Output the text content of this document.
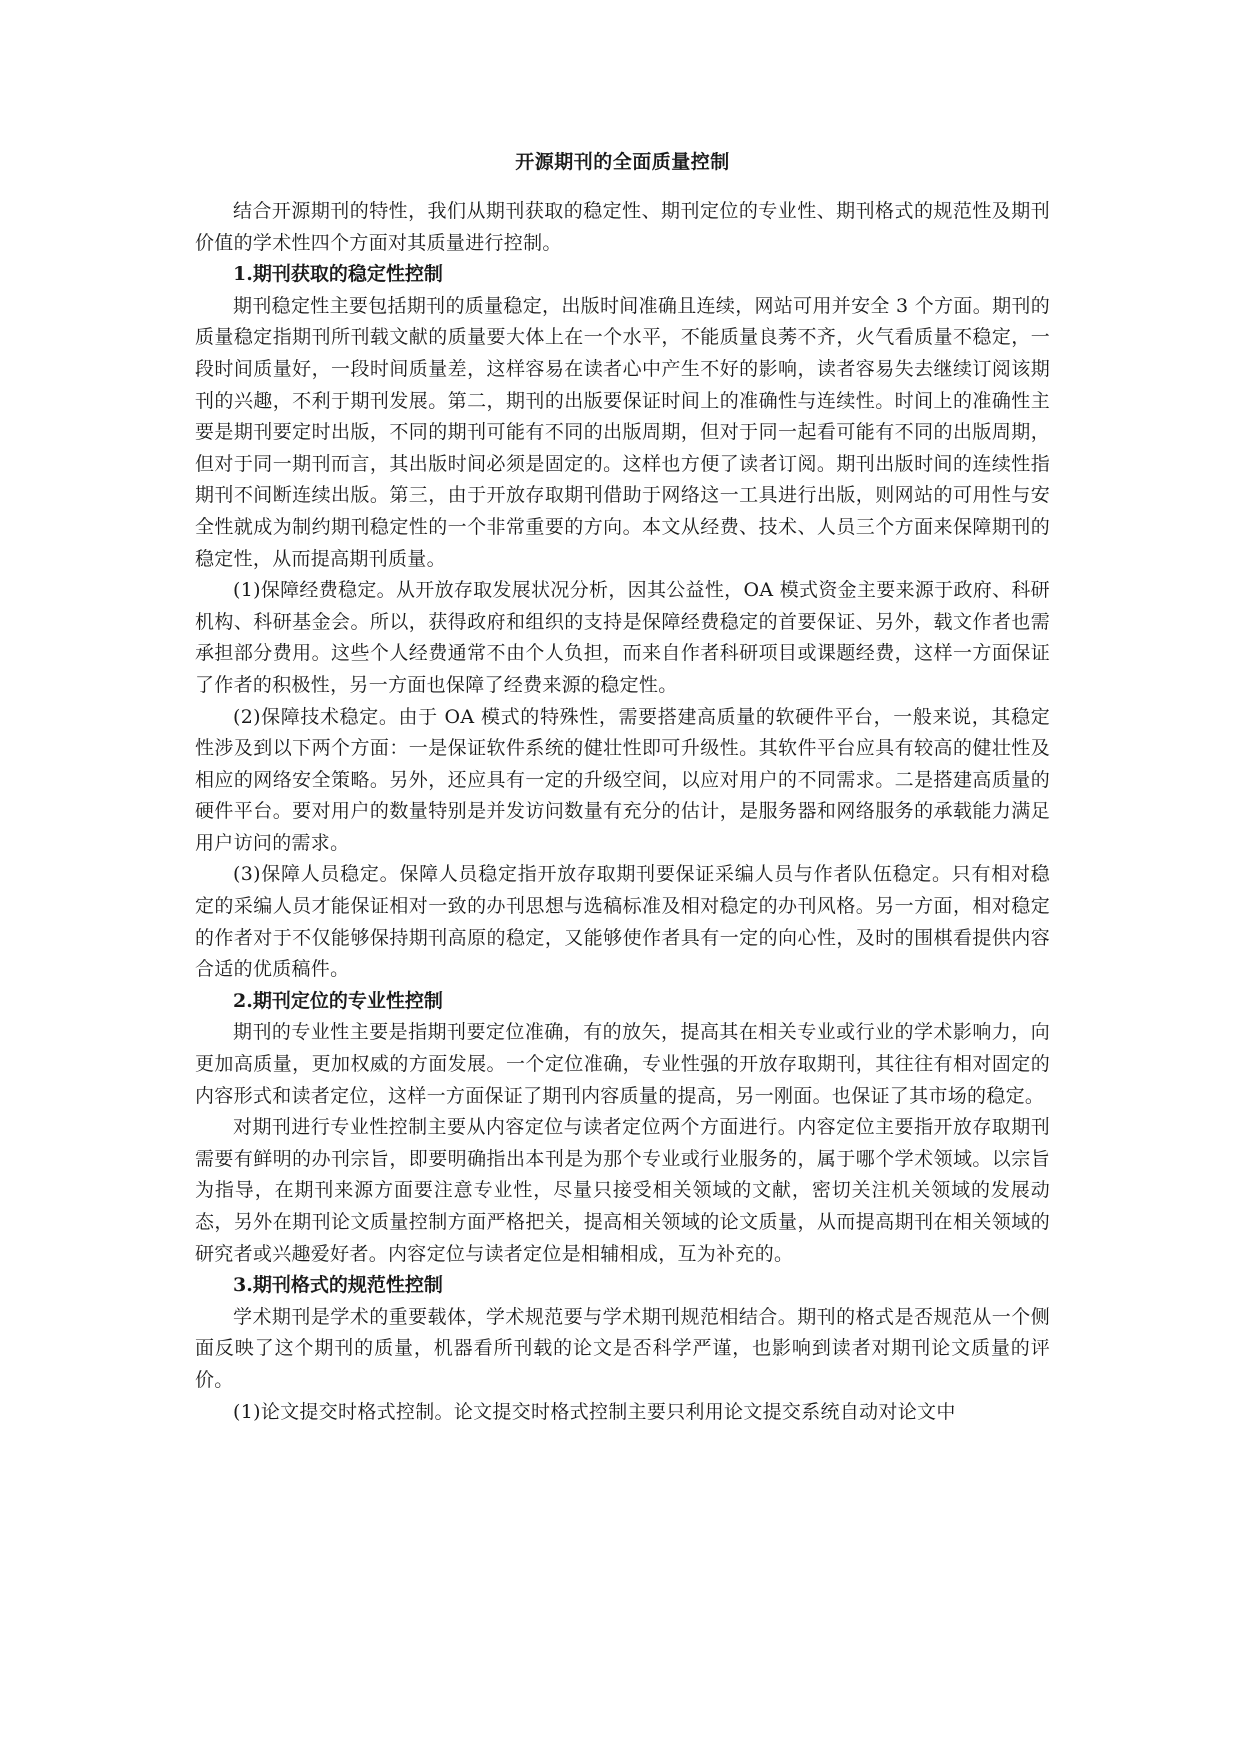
开源期刊的全面质量控制

结合开源期刊的特性，我们从期刊获取的稳定性、期刊定位的专业性、期刊格式的规范性及期刊价值的学术性四个方面对其质量进行控制。

1.期刊获取的稳定性控制

期刊稳定性主要包括期刊的质量稳定，出版时间准确且连续，网站可用并安全 3 个方面。期刊的质量稳定指期刊所刊载文献的质量要大体上在一个水平，不能质量良莠不齐，火气看质量不稳定，一段时间质量好，一段时间质量差，这样容易在读者心中产生不好的影响，读者容易失去继续订阅该期刊的兴趣，不利于期刊发展。第二，期刊的出版要保证时间上的准确性与连续性。时间上的准确性主要是期刊要定时出版，不同的期刊可能有不同的出版周期，但对于同一起看可能有不同的出版周期，但对于同一期刊而言，其出版时间必须是固定的。这样也方便了读者订阅。期刊出版时间的连续性指期刊不间断连续出版。第三，由于开放存取期刊借助于网络这一工具进行出版，则网站的可用性与安全性就成为制约期刊稳定性的一个非常重要的方向。本文从经费、技术、人员三个方面来保障期刊的稳定性，从而提高期刊质量。

(1)保障经费稳定。从开放存取发展状况分析，因其公益性，OA 模式资金主要来源于政府、科研机构、科研基金会。所以，获得政府和组织的支持是保障经费稳定的首要保证、另外，载文作者也需承担部分费用。这些个人经费通常不由个人负担，而来自作者科研项目或课题经费，这样一方面保证了作者的积极性，另一方面也保障了经费来源的稳定性。

(2)保障技术稳定。由于 OA 模式的特殊性，需要搭建高质量的软硬件平台，一般来说，其稳定性涉及到以下两个方面：一是保证软件系统的健壮性即可升级性。其软件平台应具有较高的健壮性及相应的网络安全策略。另外，还应具有一定的升级空间，以应对用户的不同需求。二是搭建高质量的硬件平台。要对用户的数量特别是并发访问数量有充分的估计，是服务器和网络服务的承载能力满足用户访问的需求。

(3)保障人员稳定。保障人员稳定指开放存取期刊要保证采编人员与作者队伍稳定。只有相对稳定的采编人员才能保证相对一致的办刊思想与选稿标准及相对稳定的办刊风格。另一方面，相对稳定的作者对于不仅能够保持期刊高原的稳定，又能够使作者具有一定的向心性，及时的围棋看提供内容合适的优质稿件。

2.期刊定位的专业性控制

期刊的专业性主要是指期刊要定位准确，有的放矢，提高其在相关专业或行业的学术影响力，向更加高质量，更加权威的方面发展。一个定位准确，专业性强的开放存取期刊，其往往有相对固定的内容形式和读者定位，这样一方面保证了期刊内容质量的提高，另一刚面。也保证了其市场的稳定。

对期刊进行专业性控制主要从内容定位与读者定位两个方面进行。内容定位主要指开放存取期刊需要有鲜明的办刊宗旨，即要明确指出本刊是为那个专业或行业服务的，属于哪个学术领域。以宗旨为指导，在期刊来源方面要注意专业性，尽量只接受相关领域的文献，密切关注机关领域的发展动态，另外在期刊论文质量控制方面严格把关，提高相关领域的论文质量，从而提高期刊在相关领域的研究者或兴趣爱好者。内容定位与读者定位是相辅相成，互为补充的。

3.期刊格式的规范性控制

学术期刊是学术的重要载体，学术规范要与学术期刊规范相结合。期刊的格式是否规范从一个侧面反映了这个期刊的质量，机器看所刊载的论文是否科学严谨，也影响到读者对期刊论文质量的评价。

(1)论文提交时格式控制。论文提交时格式控制主要只利用论文提交系统自动对论文中
